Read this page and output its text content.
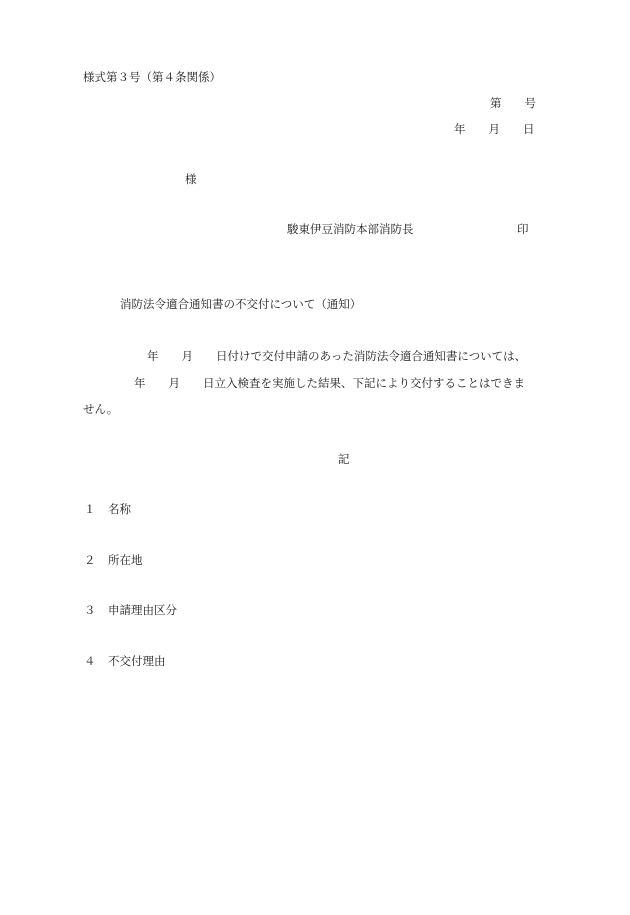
様式第３号（第４条関係）

第　　号

年　　月　　日

様

駿東伊豆消防本部消防長	印

消防法令適合通知書の不交付について（通知）

年　　月　　日付けで交付申請のあった消防法令適合通知書については、

年　　月　　日立入検査を実施した結果、下記により交付することはできま

せん。

記

１ 名称

２ 所在地

３ 申請理由区分

４ 不交付理由
